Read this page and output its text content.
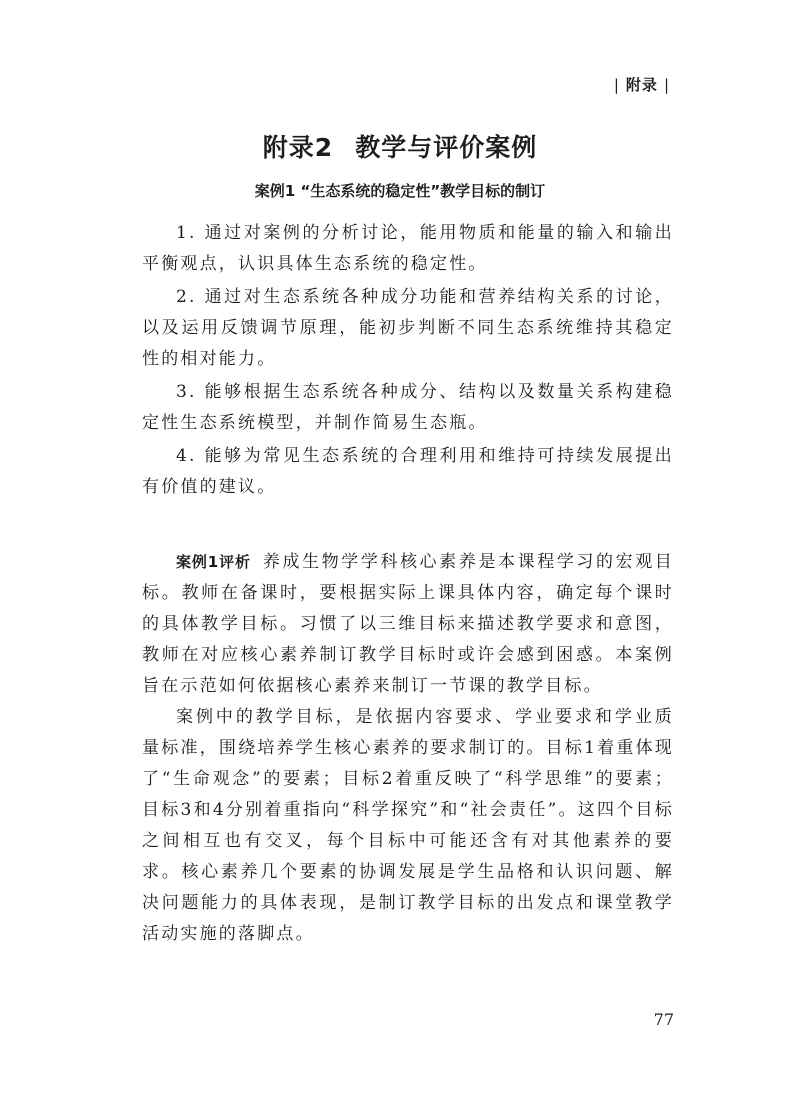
| 附录 |
附录2 教学与评价案例
案例1 “生态系统的稳定性”教学目标的制订

1. 通过对案例的分析讨论，能用物质和能量的输入和输出平衡观点，认识具体生态系统的稳定性。

2. 通过对生态系统各种成分功能和营养结构关系的讨论，以及运用反馈调节原理，能初步判断不同生态系统维持其稳定性的相对能力。

3. 能够根据生态系统各种成分、结构以及数量关系构建稳定性生态系统模型，并制作简易生态瓶。

4. 能够为常见生态系统的合理利用和维持可持续发展提出有价值的建议。

案例1评析 养成生物学学科核心素养是本课程学习的宏观目标。教师在备课时，要根据实际上课具体内容，确定每个课时的具体教学目标。习惯了以三维目标来描述教学要求和意图，教师在对应核心素养制订教学目标时或许会感到困惑。本案例旨在示范如何依据核心素养来制订一节课的教学目标。

案例中的教学目标，是依据内容要求、学业要求和学业质量标准，围绕培养学生核心素养的要求制订的。目标1着重体现了“生命观念”的要素；目标2着重反映了“科学思维”的要素；目标3和4分别着重指向“科学探究”和“社会责任”。这四个目标之间相互也有交叉，每个目标中可能还含有对其他素养的要求。核心素养几个要素的协调发展是学生品格和认识问题、解决问题能力的具体表现，是制订教学目标的出发点和课堂教学活动实施的落脚点。

77
